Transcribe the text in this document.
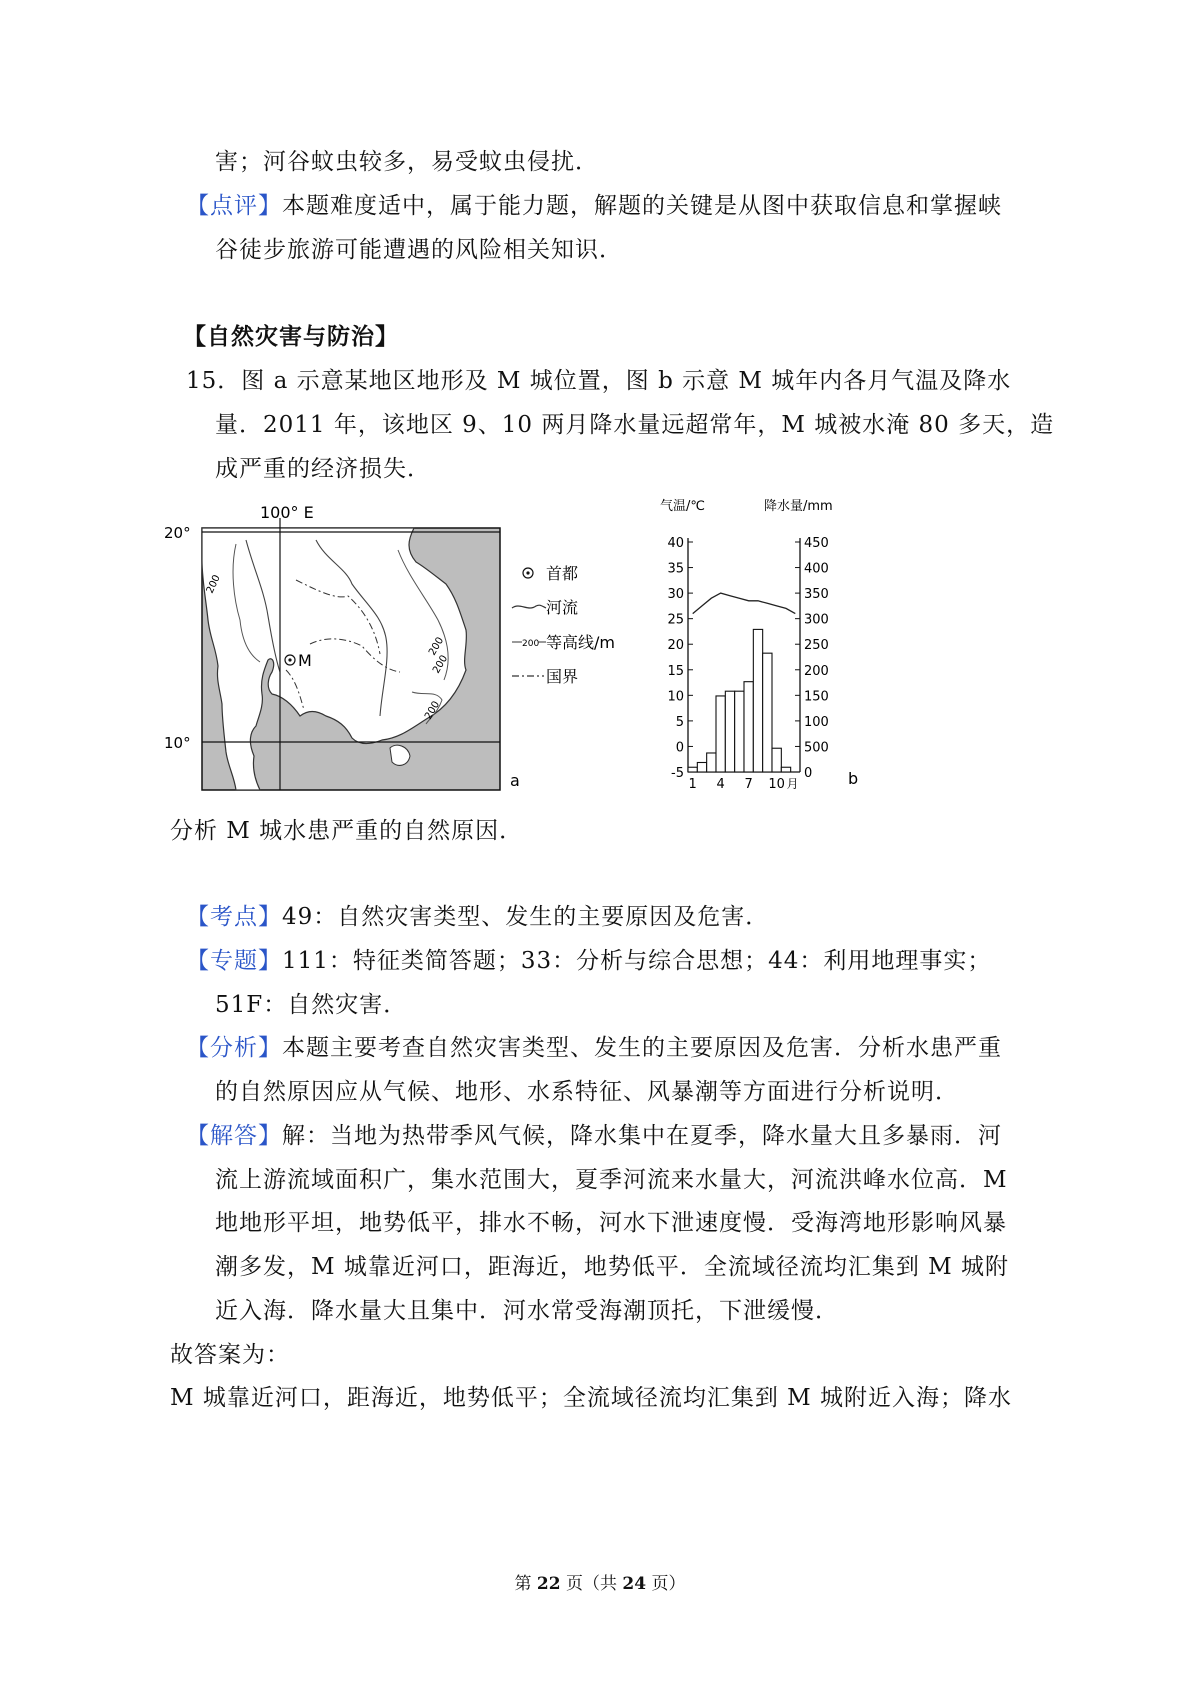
害；河谷蚊虫较多，易受蚊虫侵扰．
【点评】本题难度适中，属于能力题，解题的关键是从图中获取信息和掌握峡
谷徒步旅游可能遭遇的风险相关知识．
【自然灾害与防治】
15．图 a 示意某地区地形及 M 城位置，图 b 示意 M 城年内各月气温及降水
量．2011 年，该地区 9、10 两月降水量远超常年，M 城被水淹 80 多天，造
成严重的经济损失．
100° E
20°
10°
200
200
200
200
M
首都
河流
200 等高线/m
国界
a
气温/℃	降水量/mm
b
40
35
30
25
20
15
10
5
0
-5
450
400
350
300
250
200
150
100
500
0
1 4 7 10 月
分析 M 城水患严重的自然原因．
【考点】49：自然灾害类型、发生的主要原因及危害．
【专题】111：特征类简答题；33：分析与综合思想；44：利用地理事实；
51F：自然灾害．
【分析】本题主要考查自然灾害类型、发生的主要原因及危害．分析水患严重
的自然原因应从气候、地形、水系特征、风暴潮等方面进行分析说明．
【解答】解：当地为热带季风气候，降水集中在夏季，降水量大且多暴雨．河
流上游流域面积广，集水范围大，夏季河流来水量大，河流洪峰水位高．M
地地形平坦，地势低平，排水不畅，河水下泄速度慢．受海湾地形影响风暴
潮多发，M 城靠近河口，距海近，地势低平．全流域径流均汇集到 M 城附
近入海．降水量大且集中．河水常受海潮顶托，下泄缓慢．
故答案为：
M 城靠近河口，距海近，地势低平；全流域径流均汇集到 M 城附近入海；降水
第 22 页（共 24 页）
